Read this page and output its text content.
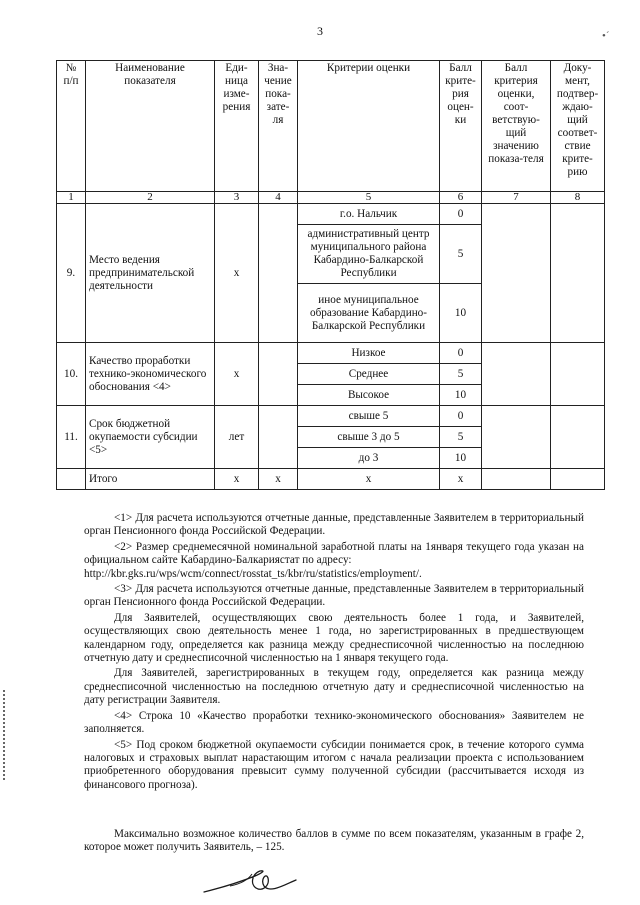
3	•ˊ
№ п/п	Наименование показателя	Еди-ница изме-рения	Зна-чение пока-зате-ля	Критерии оценки	Балл крите-рия оцен-ки	Балл критерия оценки, соот-ветствую-щий значению показа-теля	Доку-мент, подтвер-ждаю-щий соответ-ствие крите-рию
1	2	3	4	5	6	7	8
9.	Место ведения предпринимательской деятельности	х		г.о. Нальчик	0		
				административный центр муниципального района Кабардино-Балкарской Республики	5		
				иное муниципальное образование Кабардино-Балкарской Республики	10		
10.	Качество проработки технико-экономического обоснования <4>	х		Низкое	0		
				Среднее	5		
				Высокое	10		
11.	Срок бюджетной окупаемости субсидии <5>	лет		свыше 5	0		
				свыше 3 до 5	5		
				до 3	10		
	Итого	х	х	х	х		

<1> Для расчета используются отчетные данные, представленные Заявителем в территориальный орган Пенсионного фонда Российской Федерации.

<2> Размер среднемесячной номинальной заработной платы на 1января текущего года указан на официальном сайте Кабардино-Балкариястат по адресу:

http://kbr.gks.ru/wps/wcm/connect/rosstat_ts/kbr/ru/statistics/employment/.

<3> Для расчета используются отчетные данные, представленные Заявителем в территориальный орган Пенсионного фонда Российской Федерации.

Для Заявителей, осуществляющих свою деятельность более 1 года, и Заявителей, осуществляющих свою деятельность менее 1 года, но зарегистрированных в предшествующем календарном году, определяется как разница между среднесписочной численностью на последнюю отчетную дату и среднесписочной численностью на 1 января текущего года.

Для Заявителей, зарегистрированных в текущем году, определяется как разница между среднесписочной численностью на последнюю отчетную дату и среднесписочной численностью на дату регистрации Заявителя.

<4> Строка 10 «Качество проработки технико-экономического обоснования» Заявителем не заполняется.

<5> Под сроком бюджетной окупаемости субсидии понимается срок, в течение которого сумма налоговых и страховых выплат нарастающим итогом с начала реализации проекта с использованием приобретенного оборудования превысит сумму полученной субсидии (рассчитывается исходя из финансового прогноза).

Максимально возможное количество баллов в сумме по всем показателям, указанным в графе 2, которое может получить Заявитель, – 125.
